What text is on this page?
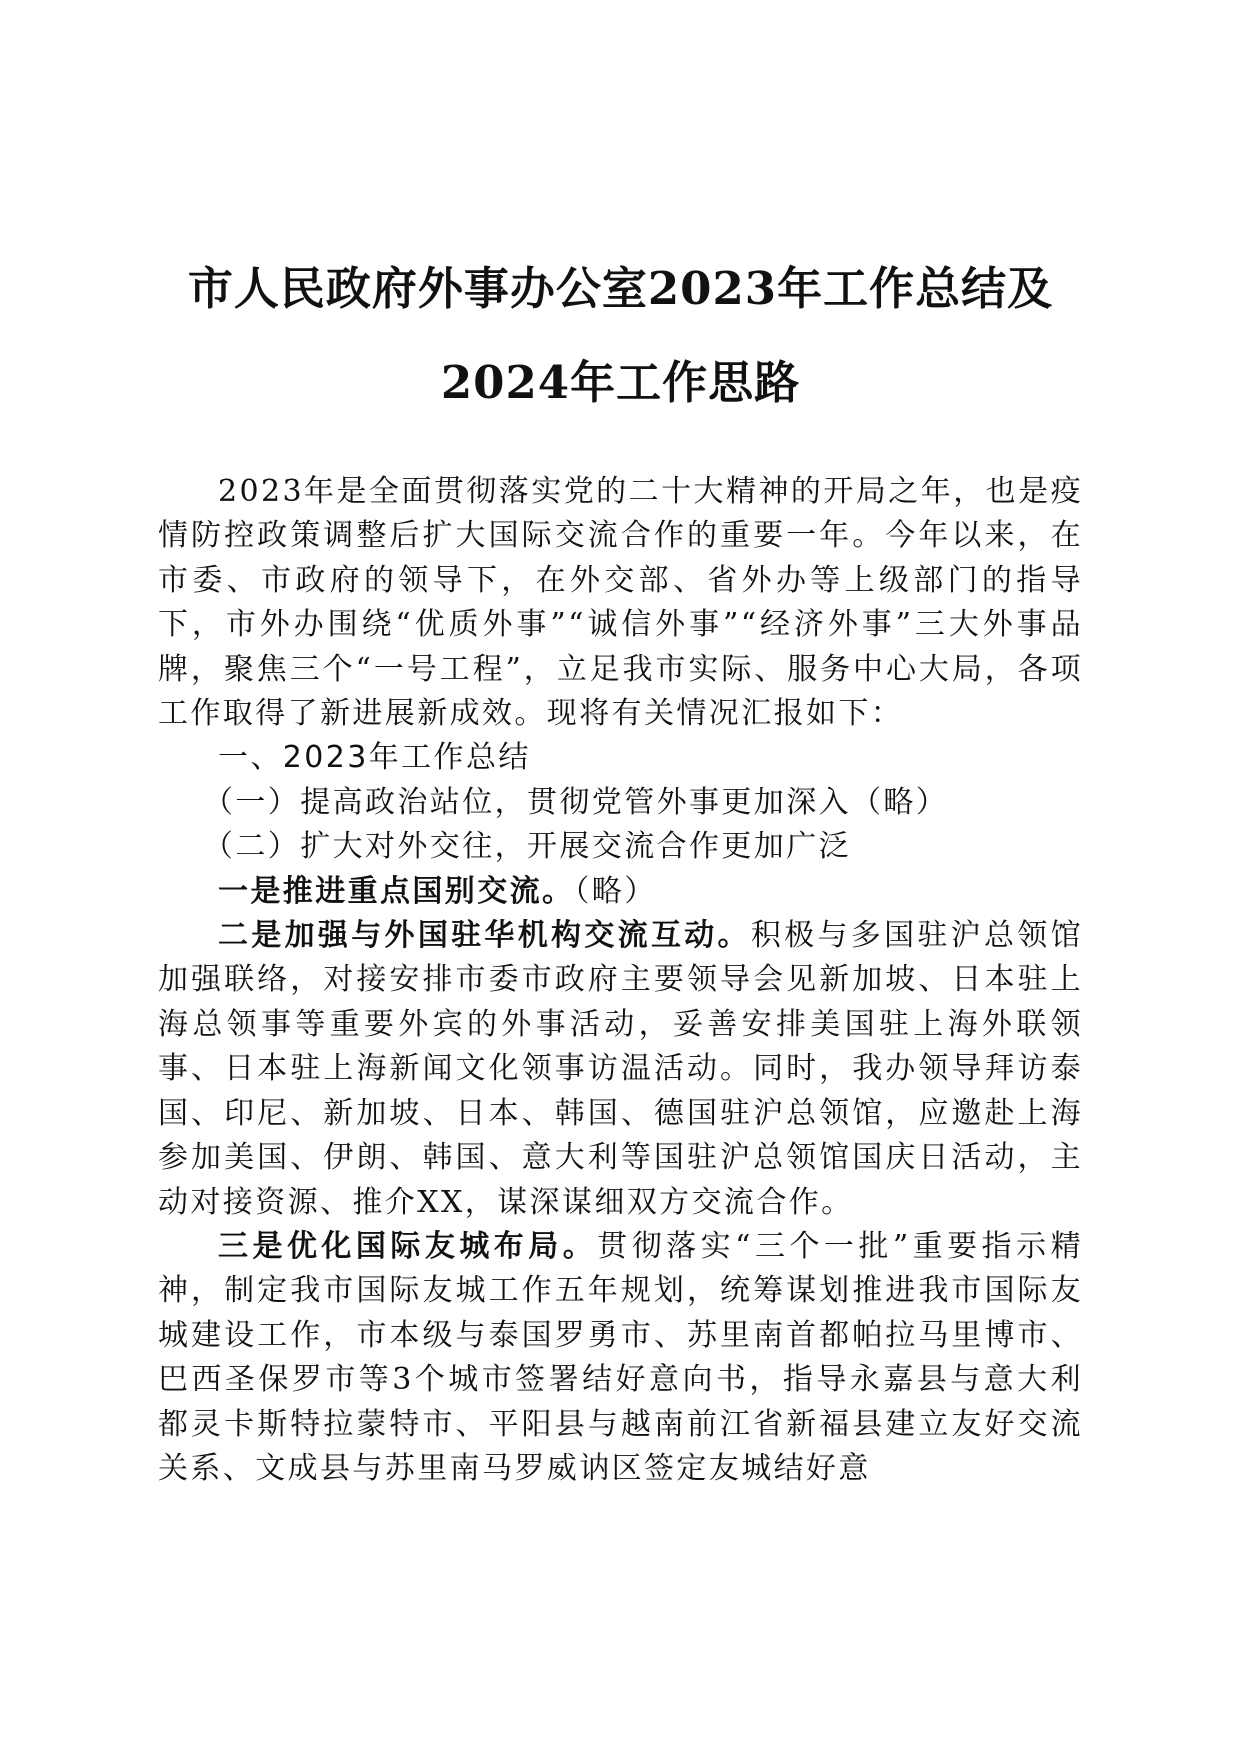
市人民政府外事办公室2023年工作总结及
2024年工作思路

2023年是全面贯彻落实党的二十大精神的开局之年，也是疫情防控政策调整后扩大国际交流合作的重要一年。今年以来，在市委、市政府的领导下，在外交部、省外办等上级部门的指导下，市外办围绕“优质外事”“诚信外事”“经济外事”三大外事品牌，聚焦三个“一号工程”，立足我市实际、服务中心大局，各项工作取得了新进展新成效。现将有关情况汇报如下：

一、2023年工作总结

（一）提高政治站位，贯彻党管外事更加深入（略）

（二）扩大对外交往，开展交流合作更加广泛

一是推进重点国别交流。（略）

二是加强与外国驻华机构交流互动。积极与多国驻沪总领馆加强联络，对接安排市委市政府主要领导会见新加坡、日本驻上海总领事等重要外宾的外事活动，妥善安排美国驻上海外联领事、日本驻上海新闻文化领事访温活动。同时，我办领导拜访泰国、印尼、新加坡、日本、韩国、德国驻沪总领馆，应邀赴上海参加美国、伊朗、韩国、意大利等国驻沪总领馆国庆日活动，主动对接资源、推介XX，谋深谋细双方交流合作。

三是优化国际友城布局。贯彻落实“三个一批”重要指示精神，制定我市国际友城工作五年规划，统筹谋划推进我市国际友城建设工作，市本级与泰国罗勇市、苏里南首都帕拉马里博市、巴西圣保罗市等3个城市签署结好意向书，指导永嘉县与意大利都灵卡斯特拉蒙特市、平阳县与越南前江省新福县建立友好交流关系、文成县与苏里南马罗威讷区签定友城结好意
